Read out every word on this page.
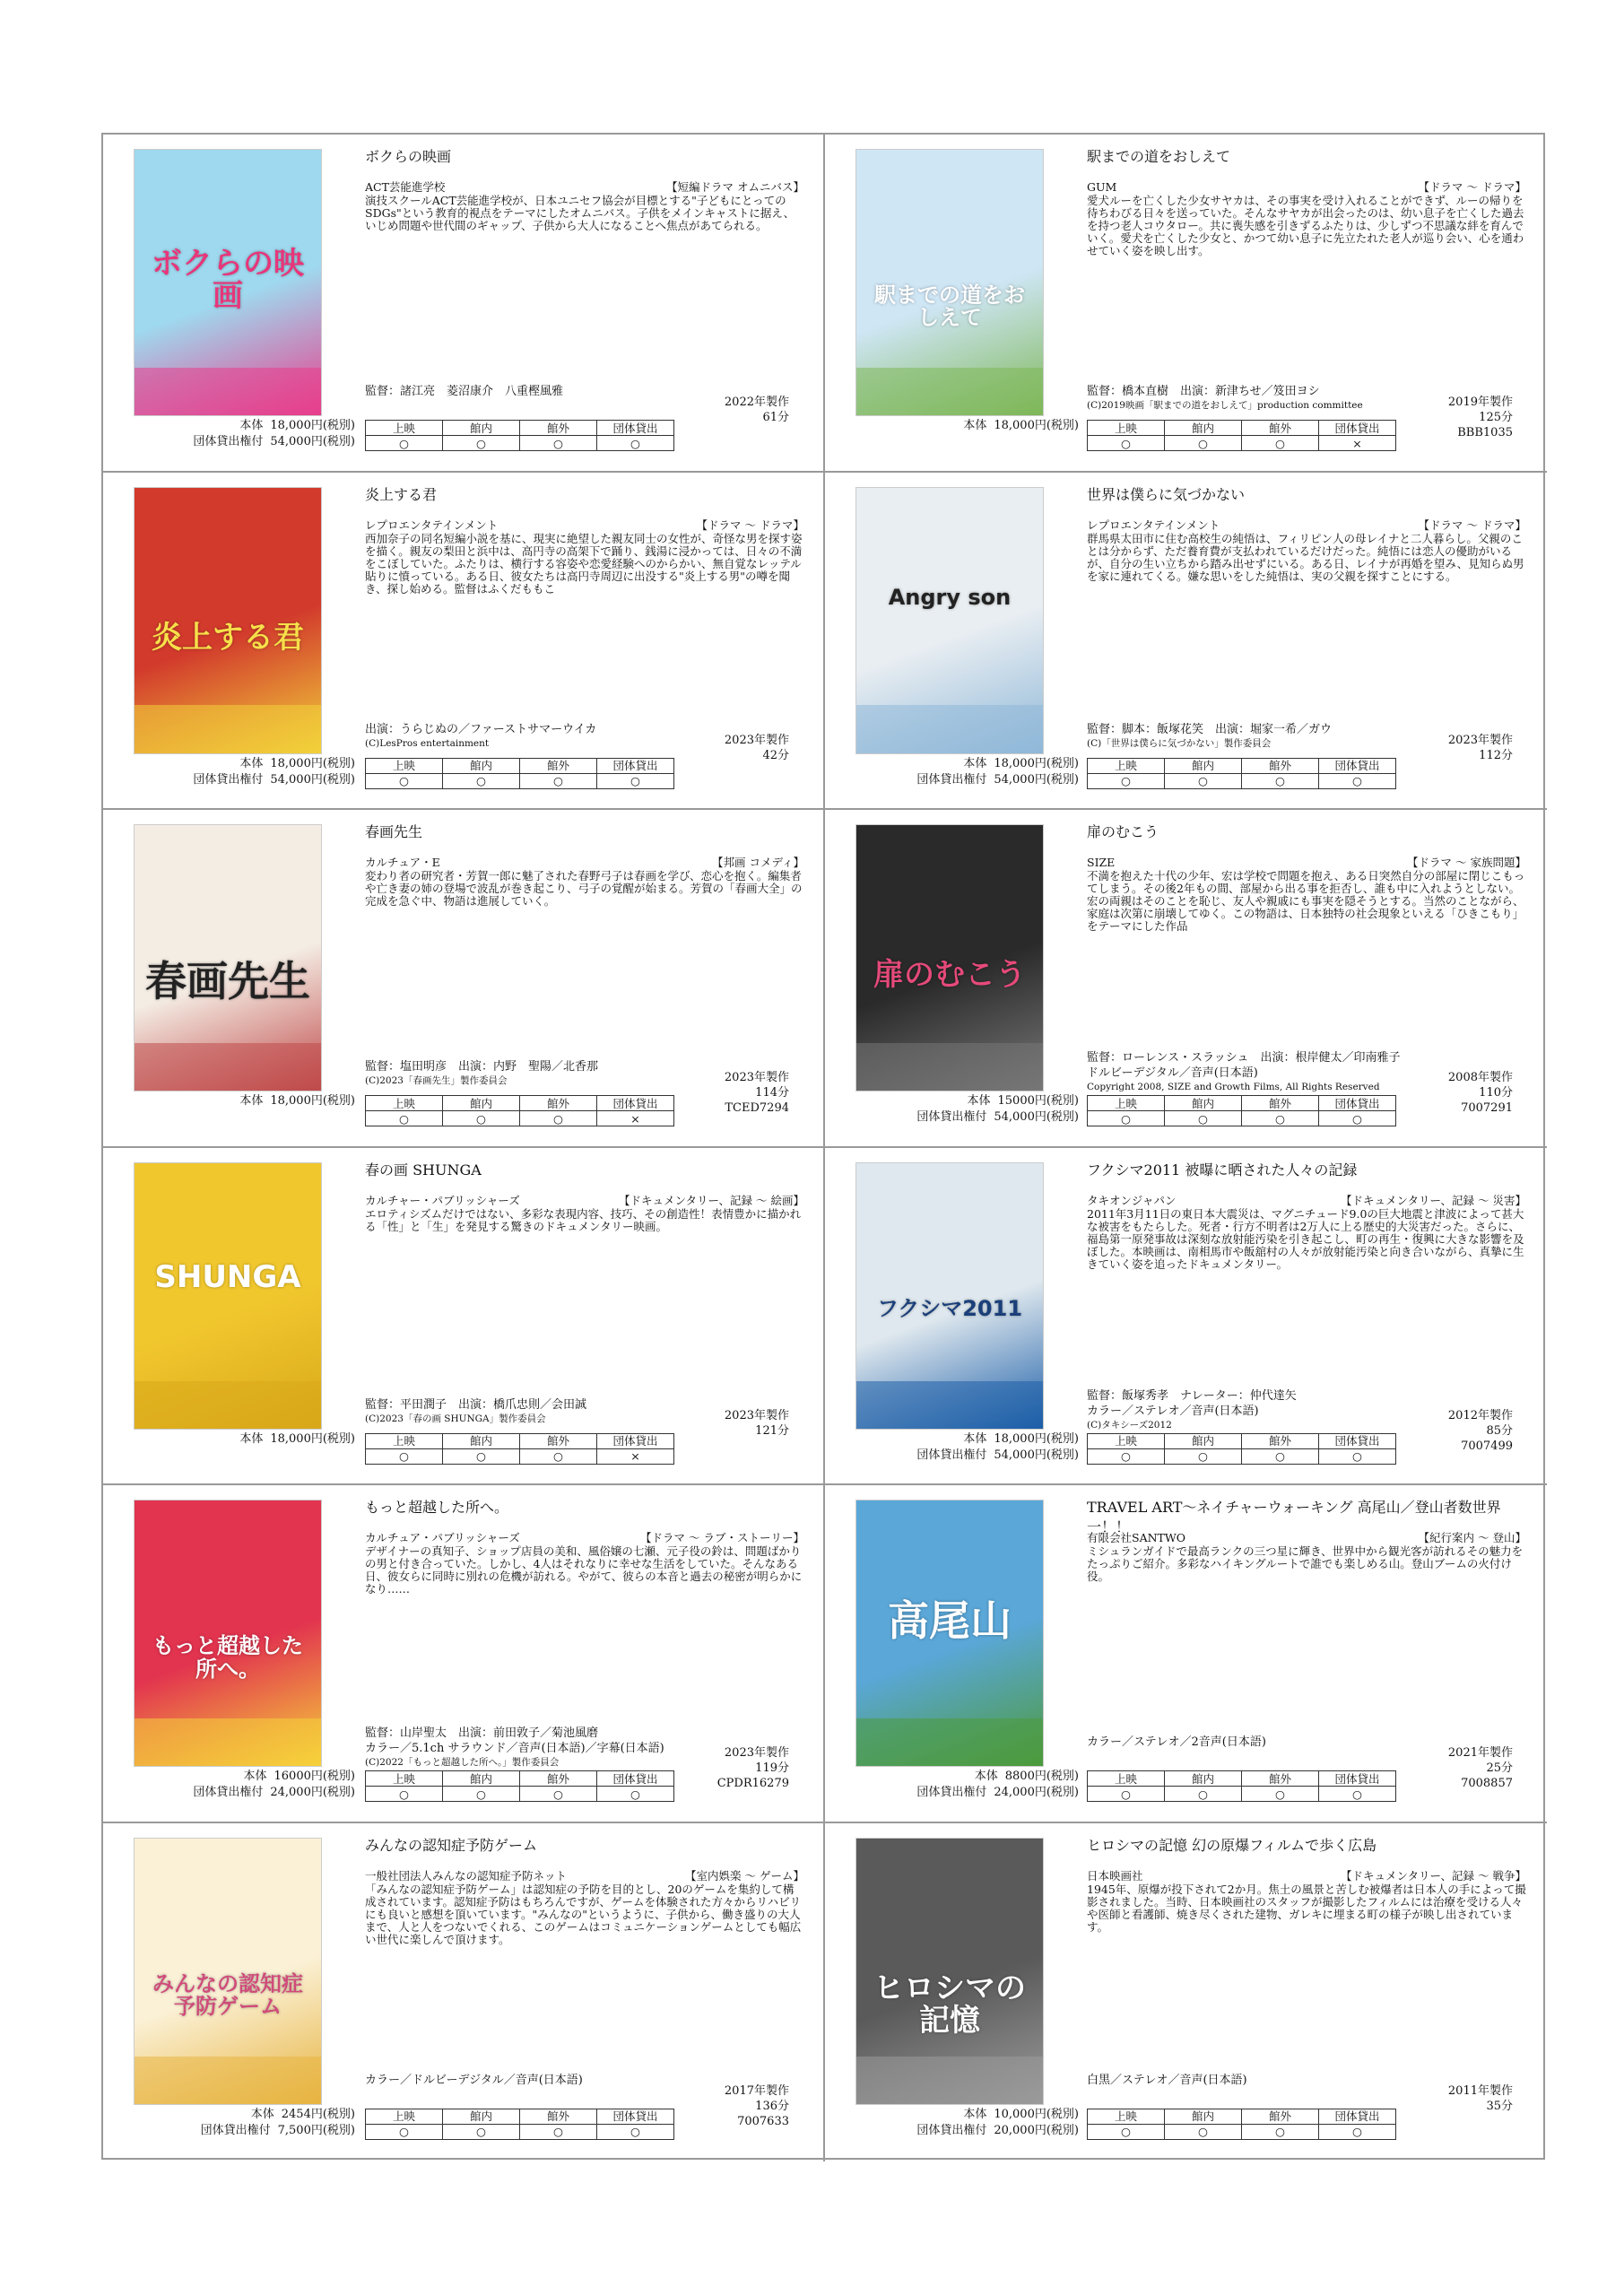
ボクらの映画
ボクらの映画
ACT芸能進学校	【短編ドラマ オムニバス】
演技スクールACT芸能進学校が、日本ユニセフ協会が目標とする"子どもにとってのSDGs"という教育的視点をテーマにしたオムニバス。子供をメインキャストに据え、いじめ問題や世代間のギャップ、子供から大人になることへ焦点があてられる。
監督：諸江亮　菱沼康介　八重樫風雅
2022年製作
61分
本体 18,000円(税別)
団体貸出権付 54,000円(税別)
上映	館内	館外	団体貸出
○	○	○	○
駅までの道をおしえて
駅までの道をおしえて
GUM	【ドラマ ～ ドラマ】
愛犬ルーを亡くした少女サヤカは、その事実を受け入れることができず、ルーの帰りを待ちわびる日々を送っていた。そんなサヤカが出会ったのは、幼い息子を亡くした過去を持つ老人コウタロー。共に喪失感を引きずるふたりは、少しずつ不思議な絆を育んでいく。愛犬を亡くした少女と、かつて幼い息子に先立たれた老人が巡り会い、心を通わせていく姿を映し出す。
監督：橋本直樹　出演：新津ちせ／笈田ヨシ
(C)2019映画「駅までの道をおしえて」production committee	2019年製作
125分
BBB1035
本体 18,000円(税別)	上映	館内	館外	団体貸出
○	○	○	×
炎上する君
炎上する君
レプロエンタテインメント	【ドラマ ～ ドラマ】
西加奈子の同名短編小説を基に、現実に絶望した親友同士の女性が、奇怪な男を探す姿を描く。親友の梨田と浜中は、高円寺の高架下で踊り、銭湯に浸かっては、日々の不満をこぼしていた。ふたりは、横行する容姿や恋愛経験へのからかい、無自覚なレッテル貼りに憤っている。ある日、彼女たちは高円寺周辺に出没する"炎上する男"の噂を聞き、探し始める。監督はふくだももこ
出演：うらじぬの／ファーストサマーウイカ
(C)LesPros entertainment	2023年製作
42分
本体 18,000円(税別)
団体貸出権付 54,000円(税別)
上映	館内	館外	団体貸出
○	○	○	○
Angry son
世界は僕らに気づかない
レプロエンタテインメント	【ドラマ ～ ドラマ】
群馬県太田市に住む高校生の純悟は、フィリピン人の母レイナと二人暮らし。父親のことは分からず、ただ養育費が支払われているだけだった。純悟には恋人の優助がいるが、自分の生い立ちから踏み出せずにいる。ある日、レイナが再婚を望み、見知らぬ男を家に連れてくる。嫌な思いをした純悟は、実の父親を探すことにする。
監督：脚本：飯塚花笑　出演：堀家一希／ガウ
(C)「世界は僕らに気づかない」製作委員会	2023年製作
112分
本体 18,000円(税別)
団体貸出権付 54,000円(税別)
上映	館内	館外	団体貸出
○	○	○	○
春画先生
春画先生
カルチュア・E	【邦画 コメディ】
変わり者の研究者・芳賀一郎に魅了された春野弓子は春画を学び、恋心を抱く。編集者や亡き妻の姉の登場で波乱が巻き起こり、弓子の覚醒が始まる。芳賀の「春画大全」の完成を急ぐ中、物語は進展していく。
監督：塩田明彦　出演：内野　聖陽／北香那
(C)2023「春画先生」製作委員会	2023年製作
114分
TCED7294
本体 18,000円(税別)	上映	館内	館外	団体貸出
○	○	○	×
扉のむこう
扉のむこう
SIZE	【ドラマ ～ 家族問題】
不満を抱えた十代の少年、宏は学校で問題を抱え、ある日突然自分の部屋に閉じこもってしまう。その後2年もの間、部屋から出る事を拒否し、誰も中に入れようとしない。宏の両親はそのことを恥じ、友人や親戚にも事実を隠そうとする。当然のことながら、家庭は次第に崩壊してゆく。この物語は、日本独特の社会現象といえる「ひきこもり」をテーマにした作品
監督：ローレンス・スラッシュ　出演：根岸健太／印南雅子
ドルビーデジタル／音声(日本語)
Copyright 2008, SIZE and Growth Films, All Rights Reserved
2008年製作
110分
7007291
本体 15000円(税別)
団体貸出権付 54,000円(税別)
上映	館内	館外	団体貸出
○	○	○	○
SHUNGA
春の画 SHUNGA
カルチャー・パブリッシャーズ	【ドキュメンタリー、記録 ～ 絵画】
エロティシズムだけではない、多彩な表現内容、技巧、その創造性！表情豊かに描かれる「性」と「生」を発見する驚きのドキュメンタリー映画。
監督：平田潤子　出演：橋爪忠則／会田誠
(C)2023「春の画 SHUNGA」製作委員会	2023年製作
121分
本体 18,000円(税別)	上映	館内	館外	団体貸出
○	○	○	×
フクシマ2011
フクシマ2011 被曝に晒された人々の記録
タキオンジャパン	【ドキュメンタリー、記録 ～ 災害】
2011年3月11日の東日本大震災は、マグニチュード9.0の巨大地震と津波によって甚大な被害をもたらした。死者・行方不明者は2万人に上る歴史的大災害だった。さらに、福島第一原発事故は深刻な放射能汚染を引き起こし、町の再生・復興に大きな影響を及ぼした。本映画は、南相馬市や飯舘村の人々が放射能汚染と向き合いながら、真摯に生きていく姿を追ったドキュメンタリー。
監督：飯塚秀孝　ナレーター：仲代達矢
カラー／ステレオ／音声(日本語)
(C)タキシーズ2012
2012年製作
85分
7007499
本体 18,000円(税別)
団体貸出権付 54,000円(税別)
上映	館内	館外	団体貸出
○	○	○	○
もっと超越した所へ。
もっと超越した所へ。
カルチュア・パブリッシャーズ	【ドラマ ～ ラブ・ストーリー】
デザイナーの真知子、ショップ店員の美和、風俗嬢の七瀬、元子役の鈴は、問題ばかりの男と付き合っていた。しかし、4人はそれなりに幸せな生活をしていた。そんなある日、彼女らに同時に別れの危機が訪れる。やがて、彼らの本音と過去の秘密が明らかになり……
監督：山岸聖太　出演：前田敦子／菊池風磨
カラー／5.1ch サラウンド／音声(日本語)／字幕(日本語)
(C)2022「もっと超越した所へ。」製作委員会
2023年製作
119分
CPDR16279
本体 16000円(税別)
団体貸出権付 24,000円(税別)
上映	館内	館外	団体貸出
○	○	○	○
高尾山
TRAVEL ART～ネイチャーウォーキング 高尾山／登山者数世界一！！
有限会社SANTWO	【紀行案内 ～ 登山】
ミシュランガイドで最高ランクの三つ星に輝き、世界中から観光客が訪れるその魅力をたっぷりご紹介。多彩なハイキングルートで誰でも楽しめる山。登山ブームの火付け役。
カラー／ステレオ／2音声(日本語)
2021年製作
25分
7008857
本体 8800円(税別)
団体貸出権付 24,000円(税別)
上映	館内	館外	団体貸出
○	○	○	○
みんなの認知症予防ゲーム
みんなの認知症予防ゲーム
一般社団法人みんなの認知症予防ネット	【室内娯楽 ～ ゲーム】
「みんなの認知症予防ゲーム」は認知症の予防を目的とし、20のゲームを集約して構成されています。認知症予防はもちろんですが、ゲームを体験された方々からリハビリにも良いと感想を頂いています。"みんなの"というように、子供から、働き盛りの大人まで、人と人をつないでくれる、このゲームはコミュニケーションゲームとしても幅広い世代に楽しんで頂けます。
カラー／ドルビーデジタル／音声(日本語)
2017年製作
136分
7007633
本体 2454円(税別)
団体貸出権付 7,500円(税別)
上映	館内	館外	団体貸出
○	○	○	○
ヒロシマの記憶
ヒロシマの記憶 幻の原爆フィルムで歩く広島
日本映画社	【ドキュメンタリー、記録 ～ 戦争】
1945年、原爆が投下されて2か月。焦土の風景と苦しむ被爆者は日本人の手によって撮影されました。当時、日本映画社のスタッフが撮影したフィルムには治療を受ける人々や医師と看護師、焼き尽くされた建物、ガレキに埋まる町の様子が映し出されています。
白黒／ステレオ／音声(日本語)
2011年製作
35分
本体 10,000円(税別)
団体貸出権付 20,000円(税別)
上映	館内	館外	団体貸出
○	○	○	○
